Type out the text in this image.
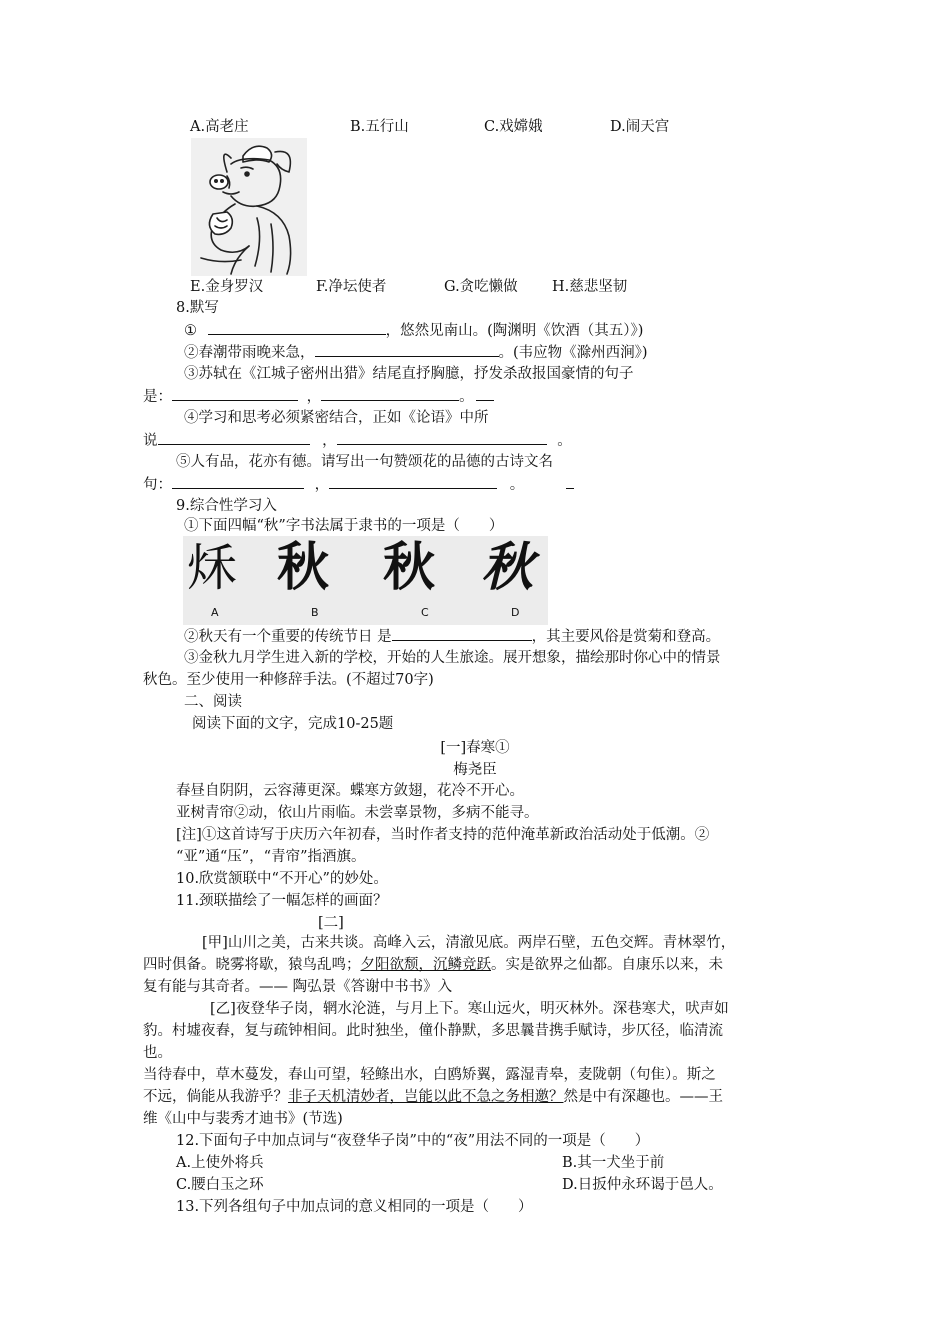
A.高老庄	B.五行山	C.戏嫦娥	D.闹天宫
E.金身罗汉	F.净坛使者	G.贪吃懒做 H.慈悲坚韧
8.默写
①	，悠然见南山。(陶渊明《饮酒（其五）》)
②春潮带雨晚来急，	。(韦应物《滁州西涧》)
③苏轼在《江城子密州出猎》结尾直抒胸臆，抒发杀敌报国豪情的句子
是：	，	。
④学习和思考必须紧密结合，正如《论语》中所
说	，	。
⑤人有品，花亦有德。请写出一句赞颂花的品德的古诗文名
句：	，	。
9.综合性学习入
①下面四幅“秋”字书法属于隶书的一项是（　　）
秌 秋 秋 秋
A	B	C	D
②秋天有一个重要的传统节日 是	，其主要风俗是赏菊和登高。
③金秋九月学生进入新的学校，开始的人生旅途。展开想象，描绘那时你心中的情景
秋色。至少使用一种修辞手法。(不超过70字)
二、阅读
阅读下面的文字，完成10-25题
[一]春寒①
梅尧臣
春昼自阴阴，云容薄更深。蝶寒方敛翅，花冷不开心。
亚树青帘②动，依山片雨临。未尝辜景物，多病不能寻。
[注]①这首诗写于庆历六年初春，当时作者支持的范仲淹革新政治活动处于低潮。②
“亚”通“压”，“青帘”指酒旗。
10.欣赏颔联中“不开心”的妙处。
11.颈联描绘了一幅怎样的画面？
[二]
[甲]山川之美，古来共谈。高峰入云，清澈见底。两岸石壁，五色交辉。青林翠竹，
四时俱备。晓雾将歇，猿鸟乱鸣；夕阳欲颓，沉鳞竞跃。实是欲界之仙都。自康乐以来，未
复有能与其奇者。—— 陶弘景《答谢中书书》入
[乙]夜登华子岗，辋水沦涟，与月上下。寒山远火，明灭林外。深巷寒犬，吠声如
豹。村墟夜舂，复与疏钟相间。此时独坐，僮仆静默，多思曩昔携手赋诗，步仄径，临清流
也。
当待春中，草木蔓发，春山可望，轻鲦出水，白鸥矫翼，露湿青皋，麦陇朝（句隹）。斯之
不远，倘能从我游乎？非子天机清妙者，岂能以此不急之务相邀？然是中有深趣也。——王
维《山中与裴秀才迪书》(节选)
12.下面句子中加点词与“夜登华子岗”中的“夜”用法不同的一项是（　　）
A.上使外将兵	B.其一犬坐于前
C.腰白玉之环	D.日扳仲永环谒于邑人。
13.下列各组句子中加点词的意义相同的一项是（　　）
